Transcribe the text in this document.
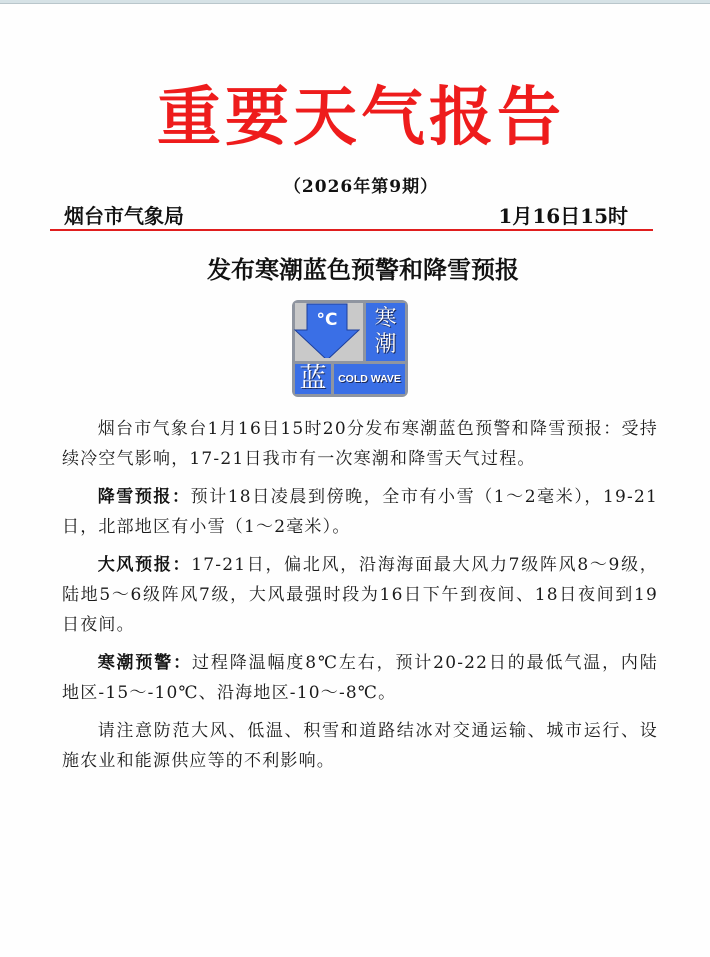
重要天气报告
（2026年第9期）
烟台市气象局	1月16日15时
发布寒潮蓝色预警和降雪预报
°C 寒潮
蓝	COLD WAVE

烟台市气象台1月16日15时20分发布寒潮蓝色预警和降雪预报：受持续冷空气影响，17-21日我市有一次寒潮和降雪天气过程。

降雪预报：预计18日凌晨到傍晚，全市有小雪（1～2毫米），19-21日，北部地区有小雪（1～2毫米）。

大风预报：17-21日，偏北风，沿海海面最大风力7级阵风8～9级，陆地5～6级阵风7级，大风最强时段为16日下午到夜间、18日夜间到19日夜间。

寒潮预警：过程降温幅度8℃左右，预计20-22日的最低气温，内陆地区-15～-10℃、沿海地区-10～-8℃。

请注意防范大风、低温、积雪和道路结冰对交通运输、城市运行、设施农业和能源供应等的不利影响。
